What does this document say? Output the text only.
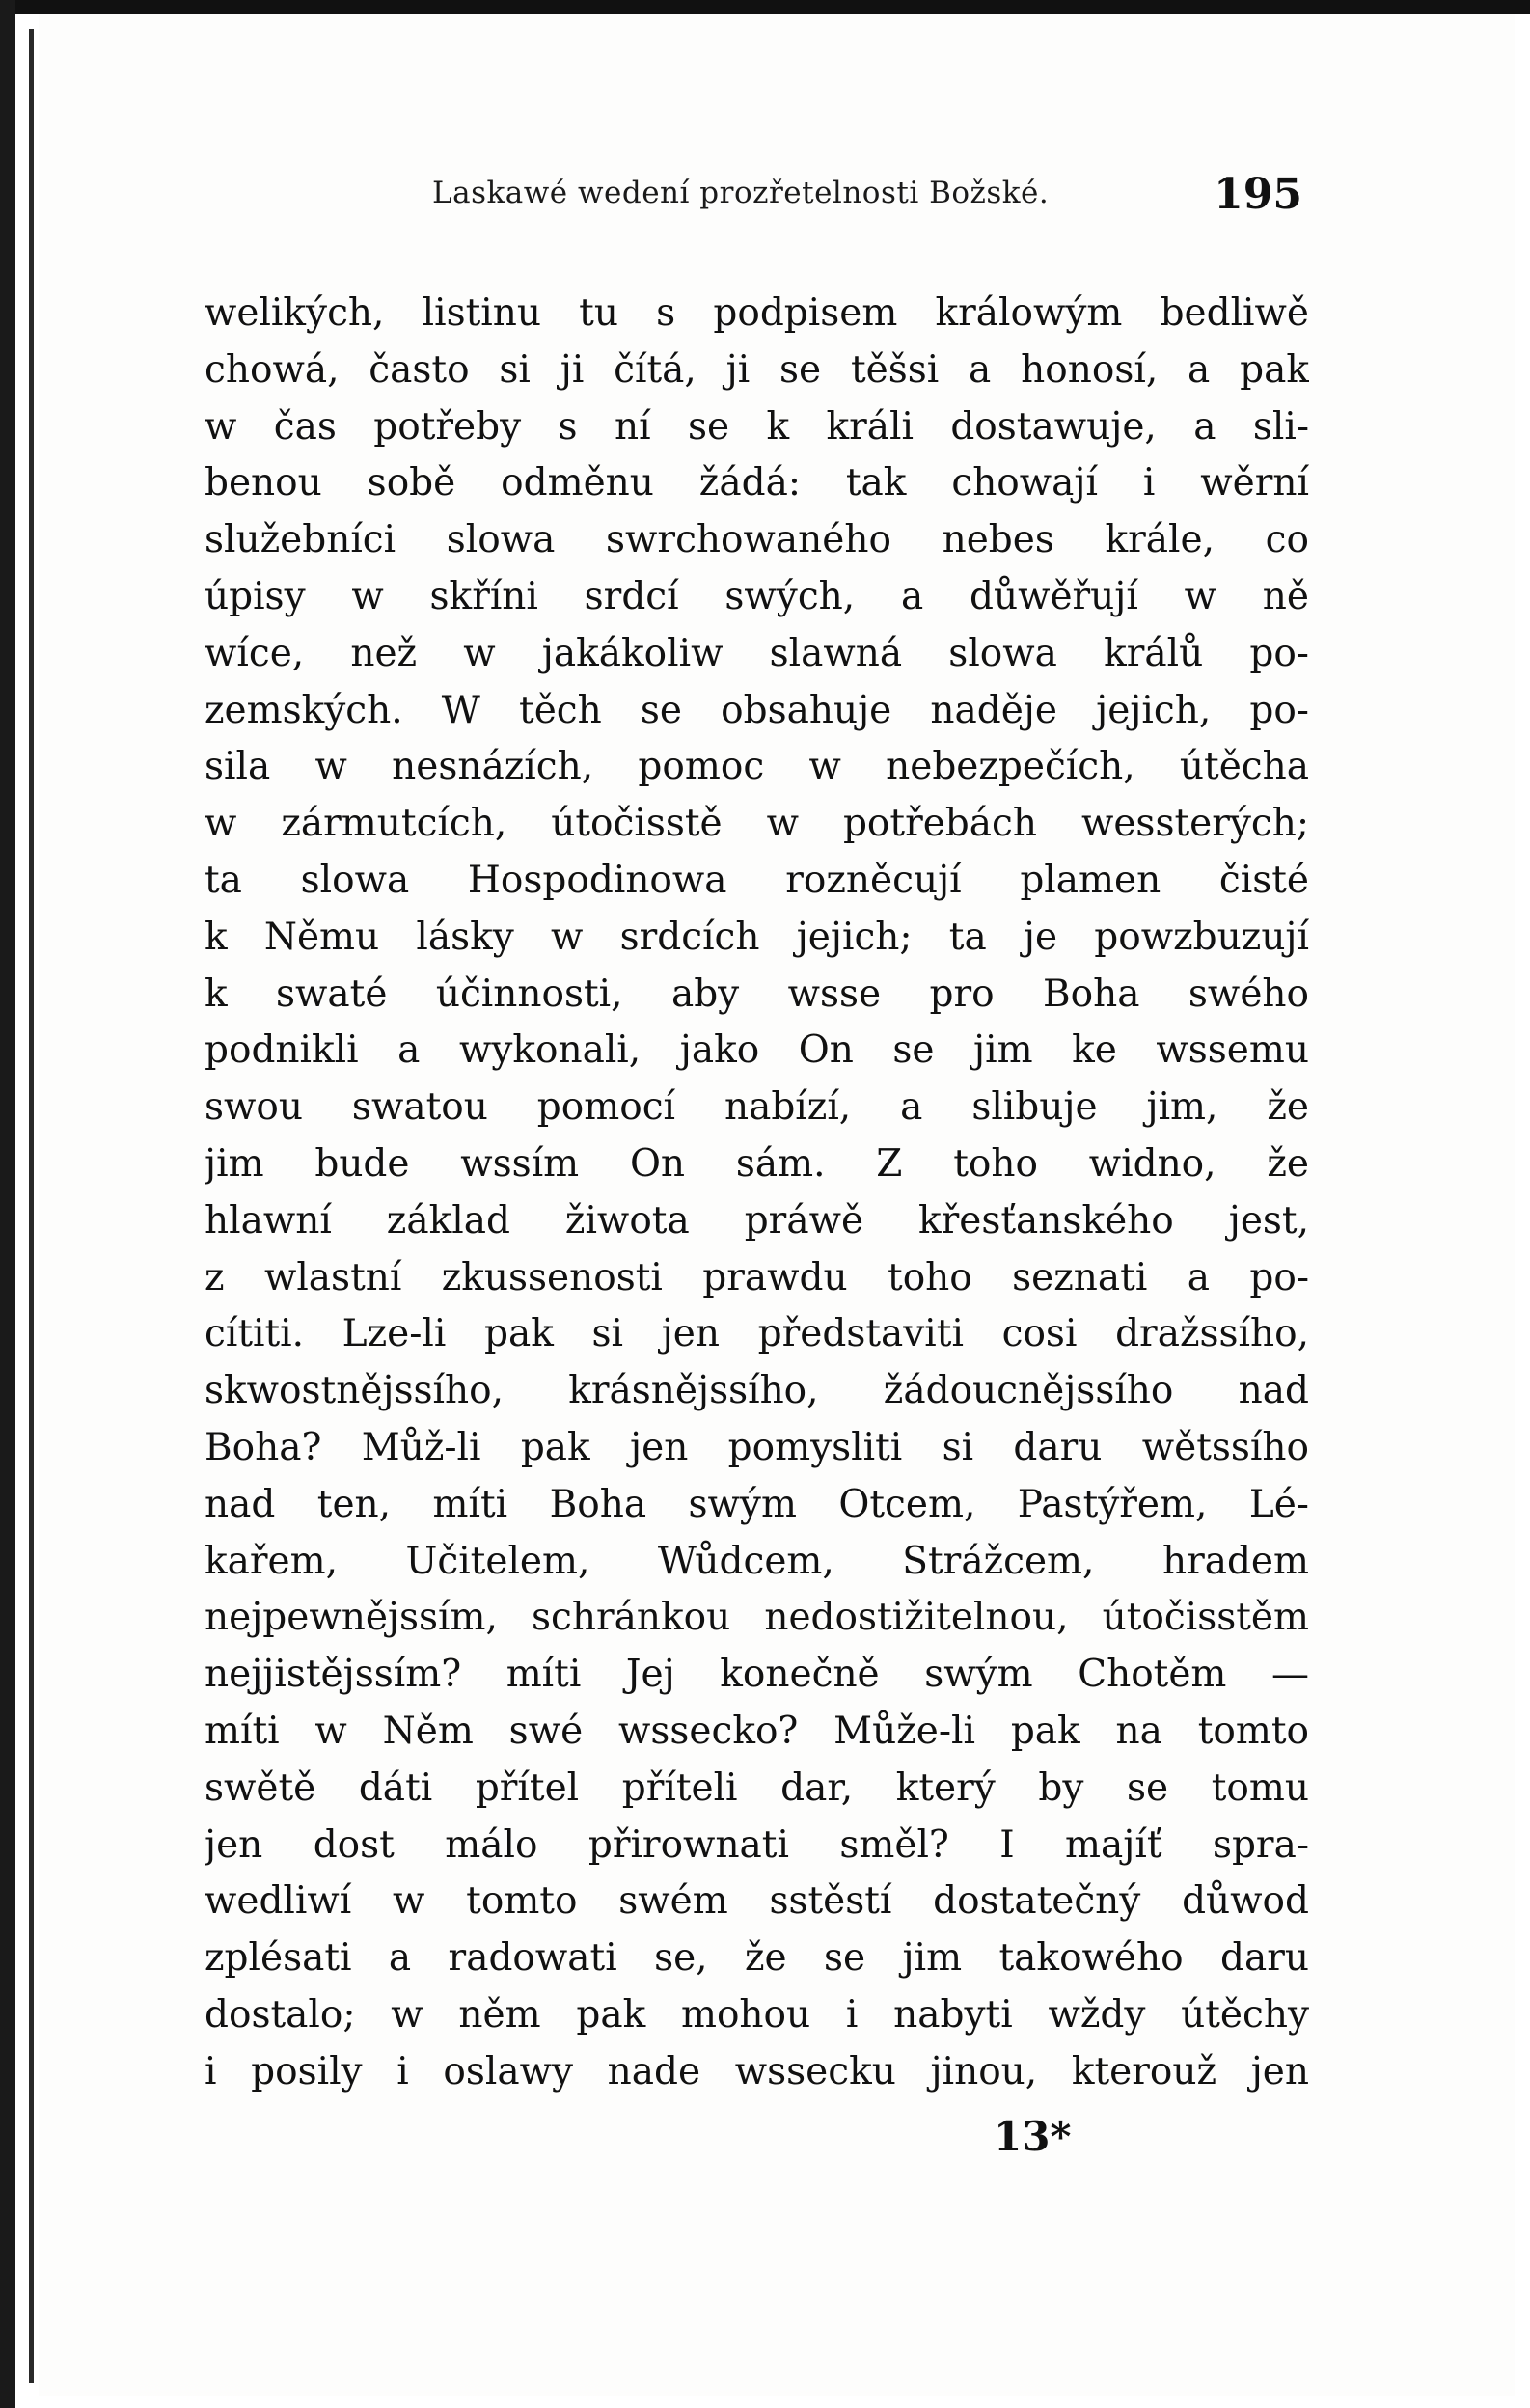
Laskawé wedení prozřetelnosti Božské.	195
welikých, listinu tu s podpisem králowým bedliwě
chowá, často si ji čítá, ji se těšsi a honosí, a pak
w čas potřeby s ní se k králi dostawuje, a sli-
benou sobě odměnu žádá: tak chowají i wěrní
služebníci slowa swrchowaného nebes krále, co
úpisy w skříni srdcí swých, a důwěřují w ně
wíce, než w jakákoliw slawná slowa králů po-
zemských. W těch se obsahuje naděje jejich, po-
sila w nesnázích, pomoc w nebezpečích, útěcha
w zármutcích, útočisstě w potřebách wessterých;
ta slowa Hospodinowa rozněcují plamen čisté
k Němu lásky w srdcích jejich; ta je powzbuzují
k swaté účinnosti, aby wsse pro Boha swého
podnikli a wykonali, jako On se jim ke wssemu
swou swatou pomocí nabízí, a slibuje jim, že
jim bude wssím On sám. Z toho widno, že
hlawní základ žiwota práwě křesťanského jest,
z wlastní zkussenosti prawdu toho seznati a po-
cítiti. Lze-li pak si jen představiti cosi dražssího,
skwostnějssího, krásnějssího, žádoucnějssího nad
Boha? Můž-li pak jen pomysliti si daru wětssího
nad ten, míti Boha swým Otcem, Pastýřem, Lé-
kařem, Učitelem, Wůdcem, Strážcem, hradem
nejpewnějssím, schránkou nedostižitelnou, útočisstěm
nejjistějssím? míti Jej konečně swým Chotěm —
míti w Něm swé wssecko? Může-li pak na tomto
swětě dáti přítel příteli dar, který by se tomu
jen dost málo přirownati směl? I majíť spra-
wedliwí w tomto swém sstěstí dostatečný důwod
zplésati a radowati se, že se jim takowého daru
dostalo; w něm pak mohou i nabyti wždy útěchy
i posily i oslawy nade wssecku jinou, kterouž jen
13*
